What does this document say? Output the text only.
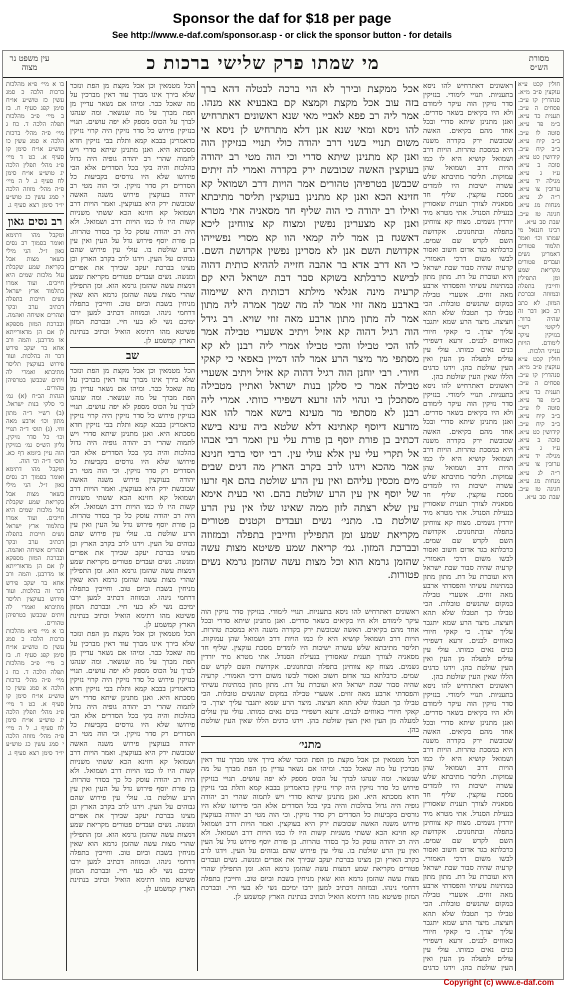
Sponsor the daf for $18 per page
See http://www.e-daf.com/sponsor.asp - or click the sponsor button - for details
עין משפט נר מצוה	מי שמתו פרק שלישי ברכות כ	מסורת הש״ס
בו א מיי׳ פ״א מהלכות ברכות הלכה כ סמג עשין כז טוש״ע או״ח סימן קפג סעיף ח. בז ב מיי׳ פ״ב מהלכות תפלה הלכה ד. כח ג מיי׳ פ״ה מהל׳ ברכות הלכה א סמג עשין כו טוש״ע או״ח סימן קו סעיף א. כט ד מיי׳ פ״ג מהל׳ תפלין הלכה יג טוש״ע או״ח סימן לח סעיף ג. ל ה מיי׳ פ״ה מהל׳ מזוזה הלכה י סמג עשין כג טוש״ע יו״ד סימן רצא סעיף ג.
רב נסים גאון
ומקבל מהו דתימא ואומר בסמוך רב נסים גאון ז״ל. הני מילי בשאר מצות אבל בקריאת שמע שקבלת עול מלכות שמים היא חייבים. ועוד אמרו בתלמוד ארץ ישראל נשים חייבות בתפלה דכתיב ערב ובקר וצהרים אשיחה ואהמה. ובברכת המזון מספקא לן אם הן מדאורייתא או מדרבנן. והמה ורב אחא בר יעקב פירש דבר זה בהלכות. ועוד פירוש בעוקצין תליסר מתיבתא ואמרי לה זיתים שכבשן בטרפיהן טהורים.
הגהות הב״ח (א) גמ׳ כי סלקי בנות ישראל. (ב) רש״י ד״ה מתון מתון וכו׳ ארבע מאה זוזי. (ג) תוס׳ ד״ה תנויי וכו׳ כל סדר נזיקין. גליון הש״ס גמ׳ בנזיקין הוה עיין ביומא דף כא. תוס׳ ד״ה וכי הוה.
ומקבל מהו דתימא ואומר בסמוך רב נסים גאון ז״ל. הני מילי בשאר מצות אבל בקריאת שמע שקבלת עול מלכות שמים היא חייבים. ועוד אמרו בתלמוד ארץ ישראל נשים חייבות בתפלה דכתיב ערב ובקר וצהרים אשיחה ואהמה. ובברכת המזון מספקא לן אם הן מדאורייתא או מדרבנן. והמה ורב אחא בר יעקב פירש דבר זה בהלכות. ועוד פירוש בעוקצין תליסר מתיבתא ואמרי לה זיתים שכבשן בטרפיהן טהורים.
בו א מיי׳ פ״א מהלכות ברכות הלכה כ סמג עשין כז טוש״ע או״ח סימן קפג סעיף ח. בז ב מיי׳ פ״ב מהלכות תפלה הלכה ד. כח ג מיי׳ פ״ה מהל׳ ברכות הלכה א סמג עשין כו טוש״ע או״ח סימן קו סעיף א. כט ד מיי׳ פ״ג מהל׳ תפלין הלכה יג טוש״ע או״ח סימן לח סעיף ג. ל ה מיי׳ פ״ה מהל׳ מזוזה הלכה י סמג עשין כג טוש״ע יו״ד סימן רצא סעיף ג.
הכל מטמאין וכן אכל מקצת מן הפת ונזכר שלא בירך אינו מברך עוד דאין מברכין על מה שאכל כבר. ומיהו אם נשאר עדיין מן הפת מברך על מה שנשאר. ומה שנהגו לברך על הכוס מספק לא יפה עושים. תנויי בנזיקין פירוש כל סדר נזיקין היה קרוי נזיקין כדאמרינן בבבא קמא ותלת בבי נזיקין חדא מסכתא היא. ואנן מתנינן שיתא סדרי ויש לתמוה שהרי רב יהודה גופיה היה גדול בהלכות והיה בקי בכל הסדרים אלא הכי פירושו שלא היו גורסים בקביעות כל הסדרים רק סדר נזיקין. וכי הוה מטי רב יהודה בעוקצין פירוש משנה האשה שכובשת ירק היא בעוקצין. ואמר הויות דרב ושמואל קא חזינא הכא ששתי משניות קשות היו לו כמו הויות דרב ושמואל. ולא היה רב יהודה עוסק כל כך בסדר טהרות. בן פורת יוסף פירוש גדל על העין ואין עין הרע שולטת בו. עולי עין פירוש שהם גבוהים על העין. וידגו לרב בקרב הארץ וכן מצינו בברכת יעקב שבירך את אפרים ומנשה. נשים ועבדים פטורים מקריאת שמע דמצות עשה שהזמן גרמא הוא. ומן התפילין שהרי מצות עשה שהזמן גרמא הוא שאין מניחין בשבת וביום טוב. וחייבין בתפלה דרחמי נינהו. ובמזוזה דכתיב למען ירבו ימיכם נשי לא בעי חיי. ובברכת המזון פשיטא מהו דתימא הואיל וכתיב בנתינת הארץ קמשמע לן.
שב
הכל מטמאין וכן אכל מקצת מן הפת ונזכר שלא בירך אינו מברך עוד דאין מברכין על מה שאכל כבר. ומיהו אם נשאר עדיין מן הפת מברך על מה שנשאר. ומה שנהגו לברך על הכוס מספק לא יפה עושים. תנויי בנזיקין פירוש כל סדר נזיקין היה קרוי נזיקין כדאמרינן בבבא קמא ותלת בבי נזיקין חדא מסכתא היא. ואנן מתנינן שיתא סדרי ויש לתמוה שהרי רב יהודה גופיה היה גדול בהלכות והיה בקי בכל הסדרים אלא הכי פירושו שלא היו גורסים בקביעות כל הסדרים רק סדר נזיקין. וכי הוה מטי רב יהודה בעוקצין פירוש משנה האשה שכובשת ירק היא בעוקצין. ואמר הויות דרב ושמואל קא חזינא הכא ששתי משניות קשות היו לו כמו הויות דרב ושמואל. ולא היה רב יהודה עוסק כל כך בסדר טהרות. בן פורת יוסף פירוש גדל על העין ואין עין הרע שולטת בו. עולי עין פירוש שהם גבוהים על העין. וידגו לרב בקרב הארץ וכן מצינו בברכת יעקב שבירך את אפרים ומנשה. נשים ועבדים פטורים מקריאת שמע דמצות עשה שהזמן גרמא הוא. ומן התפילין שהרי מצות עשה שהזמן גרמא הוא שאין מניחין בשבת וביום טוב. וחייבין בתפלה דרחמי נינהו. ובמזוזה דכתיב למען ירבו ימיכם נשי לא בעי חיי. ובברכת המזון פשיטא מהו דתימא הואיל וכתיב בנתינת הארץ קמשמע לן.
הכל מטמאין וכן אכל מקצת מן הפת ונזכר שלא בירך אינו מברך עוד דאין מברכין על מה שאכל כבר. ומיהו אם נשאר עדיין מן הפת מברך על מה שנשאר. ומה שנהגו לברך על הכוס מספק לא יפה עושים. תנויי בנזיקין פירוש כל סדר נזיקין היה קרוי נזיקין כדאמרינן בבבא קמא ותלת בבי נזיקין חדא מסכתא היא. ואנן מתנינן שיתא סדרי ויש לתמוה שהרי רב יהודה גופיה היה גדול בהלכות והיה בקי בכל הסדרים אלא הכי פירושו שלא היו גורסים בקביעות כל הסדרים רק סדר נזיקין. וכי הוה מטי רב יהודה בעוקצין פירוש משנה האשה שכובשת ירק היא בעוקצין. ואמר הויות דרב ושמואל קא חזינא הכא ששתי משניות קשות היו לו כמו הויות דרב ושמואל. ולא היה רב יהודה עוסק כל כך בסדר טהרות. בן פורת יוסף פירוש גדל על העין ואין עין הרע שולטת בו. עולי עין פירוש שהם גבוהים על העין. וידגו לרב בקרב הארץ וכן מצינו בברכת יעקב שבירך את אפרים ומנשה. נשים ועבדים פטורים מקריאת שמע דמצות עשה שהזמן גרמא הוא. ומן התפילין שהרי מצות עשה שהזמן גרמא הוא שאין מניחין בשבת וביום טוב. וחייבין בתפלה דרחמי נינהו. ובמזוזה דכתיב למען ירבו ימיכם נשי לא בעי חיי. ובברכת המזון פשיטא מהו דתימא הואיל וכתיב בנתינת הארץ קמשמע לן.
אכל ממקצת ובירך לא הוי ברכה לבטלה דהא ברך בזה עוב אכל מקצת וקמצא קם באבעיא אא מנהו. אמר ליה רב פפא לאביי מאי שנא ראשונים דאתרחיש להו ניסא ומאי שנא אנן דלא מתרחיש לן ניסא אי משום תנויי בשני דרב יהודה כולי תנויי בנזיקין הוה ואנן קא מתנינן שיתא סדרי וכי הוה מטי רב יהודה בעוקצין האשה שכובשת ירק בקדרה ואמרי לה זיתים שכבשן בטרפיהן טהורים אמר הויות דרב ושמואל קא חזינא הכא ואנן קא מתנינן בעוקצין תליסר מתיבתא ואילו רב יהודה כי הוה שליף חד מסאניה אתי מטרא ואנן קא מצערינן נפשין ומצוח קא צווחינן ליכא דאשגח בן אמר ליה קמאי הוו קא מסרי נפשייהו אקדושת השם אנן לא מסרינן נפשין אקדושת השם. כי הא דרב אדא בר אהבה חזייה לההיא כותית דהוה לבישא כרבלתא בשוקא סבר דבת ישראל היא קם קרעיה מינה אגלאי מילתא דכותית היא שיימוה בארבע מאה זוזי אמר לה מה שמך אמרה ליה מתון אמר לה מתון מתון ארבע מאה זוזי שויא. רב גידל הוה רגיל דהוה קא אזיל ויתיב אשערי טבילה אמר להו הכי טבילו והכי טבילו אמרי ליה רבנן לא קא מסתפי מר מיצר הרע אמר להו דמיין באפאי כי קאקי חיורי. רבי יוחנן הוה רגיל דהוה קא אזיל ויתיב אשערי טבילה אמר כי סלקן בנות ישראל ואתיין מטבילה מסתכלן בי ונהוי להו זרעא דשפירי כוותי. אמרי ליה רבנן לא מסתפי מר מעינא בישא אמר להו אנא מזרעא דיוסף קאתינא דלא שלטא ביה עינא בישא דכתיב בן פורת יוסף בן פורת עלי עין ואמר רבי אבהו אל תקרי עלי עין אלא עולי עין. רבי יוסי ברבי חנינא אמר מהכא וידגו לרב בקרב הארץ מה דגים שבים מים מכסין עליהם ואין עין הרע שולטת בהם אף זרעו של יוסף אין עין הרע שולטת בהם. ואי בעית אימא עין שלא רצתה לזון ממה שאינו שלו אין עין הרע שולטת בו. מתני׳ נשים ועבדים וקטנים פטורים מקריאת שמע ומן התפילין וחייבין בתפלה ובמזוזה ובברכת המזון. גמ׳ קריאת שמע פשיטא מצות עשה שהזמן גרמא הוא וכל מצות עשה שהזמן גרמא נשים פטורות.
ראשונים דאתרחיש להו ניסא בתעניות. תנויי לימודי. בנזיקין סדר נזיקין הוה עיקר לימודם ולא היו בקיאים בשאר סדרים. ואנן מתנינן שיתא סדרי ובכל אחד מהם בקיאים. האשה שכובשת ירק בקדרה משנה היא במסכת טהרות. הויות דרב ושמואל קושיא היא לו כמו הויות דרב ושמואל שהן עמוקות. תליסר מתיבתא שלש עשרה ישיבות היו לומדים מסכת עוקצין. שליף חד מסאניה לצורך תענית שאסורין בנעילת הסנדל. אתי מטרא מיד יורדין גשמים. מצוח קא צווחינן בתפלה ובתחנונים. אקדושת השם לקדש שם שמים. כרבלתא בגד אדום חשוב ואסור לבשו משום דרכי האמורי. קרעיה שהיה סבור שבת ישראל היא ועוברת על דת. מתון מתון במתינות עשיתי והפסדתי ארבע מאה זוזים. אשערי טבילה במקום שהנשים טובלות. הכי טבילו כך תטבלו שלא תהא חציצה. מיצר הרע שמא יתגבר עליך יצרך. כי קאקי חיורי כאווזים לבנים. זרעא דשפירי בנים נאים כמותו. עולי עין עולים למעלה מן העין ואין העין שולטת בהן. וידגו כדגים הללו שאין העין שולטת בהן.
ראשונים דאתרחיש להו ניסא בתעניות. תנויי לימודי. בנזיקין סדר נזיקין הוה עיקר לימודם ולא היו בקיאים בשאר סדרים. ואנן מתנינן שיתא סדרי ובכל אחד מהם בקיאים. האשה שכובשת ירק בקדרה משנה היא במסכת טהרות. הויות דרב ושמואל קושיא היא לו כמו הויות דרב ושמואל שהן עמוקות. תליסר מתיבתא שלש עשרה ישיבות היו לומדים מסכת עוקצין. שליף חד מסאניה לצורך תענית שאסורין בנעילת הסנדל. אתי מטרא מיד יורדין גשמים. מצוח קא צווחינן בתפלה ובתחנונים. אקדושת השם לקדש שם שמים. כרבלתא בגד אדום חשוב ואסור לבשו משום דרכי האמורי. קרעיה שהיה סבור שבת ישראל היא ועוברת על דת. מתון מתון במתינות עשיתי והפסדתי ארבע מאה זוזים. אשערי טבילה במקום שהנשים טובלות. הכי טבילו כך תטבלו שלא תהא חציצה. מיצר הרע שמא יתגבר עליך יצרך. כי קאקי חיורי כאווזים לבנים. זרעא דשפירי בנים נאים כמותו. עולי עין עולים למעלה מן העין ואין העין שולטת בהן. וידגו כדגים הללו שאין העין שולטת בהן.
ראשונים דאתרחיש להו ניסא בתעניות. תנויי לימודי. בנזיקין סדר נזיקין הוה עיקר לימודם ולא היו בקיאים בשאר סדרים. ואנן מתנינן שיתא סדרי ובכל אחד מהם בקיאים. האשה שכובשת ירק בקדרה משנה היא במסכת טהרות. הויות דרב ושמואל קושיא היא לו כמו הויות דרב ושמואל שהן עמוקות. תליסר מתיבתא שלש עשרה ישיבות היו לומדים מסכת עוקצין. שליף חד מסאניה לצורך תענית שאסורין בנעילת הסנדל. אתי מטרא מיד יורדין גשמים. מצוח קא צווחינן בתפלה ובתחנונים. אקדושת השם לקדש שם שמים. כרבלתא בגד אדום חשוב ואסור לבשו משום דרכי האמורי. קרעיה שהיה סבור שבת ישראל היא ועוברת על דת. מתון מתון במתינות עשיתי והפסדתי ארבע מאה זוזים. אשערי טבילה במקום שהנשים טובלות. הכי טבילו כך תטבלו שלא תהא חציצה. מיצר הרע שמא יתגבר עליך יצרך. כי קאקי חיורי כאווזים לבנים. זרעא דשפירי בנים נאים כמותו. עולי עין עולים למעלה מן העין ואין העין שולטת בהן. וידגו כדגים
חולין קכט ע״א עוקצין פ״ב מ״א. סנהדרין קו ע״ב. פסחים ה ע״ב. תענית כד ע״א. ב״מ פד ע״א. סוטה לו ע״ב. ב״ב קיח ע״א. ב״ב קיח ע״ב. קידושין כט ע״א. סוכה ב ע״א. ע״ז ג ע״א. מגילה יד ע״א. ערובין צו ע״א. ר״ה לג ע״א. מנחות מג ע״א. חגיגה טז ע״ב. שבת סב ע״א.
רבינו חננאל מי שמתו וכו׳ ואמר תלמוד פטורים דאמרינן נשים ועבדים פטורים מקריאת שמע ומן התפילין וחייבין בתפלה ובמזוזה ובברכת המזון. לא כתב רב כאן דבר זה שהיה ברור. ליקוטי רש״י בנזיקין עיקר לימודם. הויות ענייני הלכות.
חולין קכט ע״א עוקצין פ״ב מ״א. סנהדרין קו ע״ב. פסחים ה ע״ב. תענית כד ע״א. ב״מ פד ע״א. סוטה לו ע״ב. ב״ב קיח ע״א. ב״ב קיח ע״ב. קידושין כט ע״א. סוכה ב ע״א. ע״ז ג ע״א. מגילה יד ע״א. ערובין צו ע״א. ר״ה לג ע״א. מנחות מג ע״א. חגיגה טז ע״ב. שבת סב ע״א.
ראשונים דאתרחיש להו ניסא בתעניות. תנויי לימודי. בנזיקין סדר נזיקין הוה עיקר לימודם ולא היו בקיאים בשאר סדרים. ואנן מתנינן שיתא סדרי ובכל אחד מהם בקיאים. האשה שכובשת ירק בקדרה משנה היא במסכת טהרות. הויות דרב ושמואל קושיא היא לו כמו הויות דרב ושמואל שהן עמוקות. תליסר מתיבתא שלש עשרה ישיבות היו לומדים מסכת עוקצין. שליף חד מסאניה לצורך תענית שאסורין בנעילת הסנדל. אתי מטרא מיד יורדין גשמים. מצוח קא צווחינן בתפלה ובתחנונים. אקדושת השם לקדש שם שמים. כרבלתא בגד אדום חשוב ואסור לבשו משום דרכי האמורי. קרעיה שהיה סבור שבת ישראל היא ועוברת על דת. מתון מתון במתינות עשיתי והפסדתי ארבע מאה זוזים. אשערי טבילה במקום שהנשים טובלות. הכי טבילו כך תטבלו שלא תהא חציצה. מיצר הרע שמא יתגבר עליך יצרך. כי קאקי חיורי כאווזים לבנים. זרעא דשפירי בנים נאים כמותו. עולי עין עולים למעלה מן העין ואין העין שולטת בהן. וידגו כדגים הללו שאין העין שולטת בהן.
מתני׳
הכל מטמאין וכן אכל מקצת מן הפת ונזכר שלא בירך אינו מברך עוד דאין מברכין על מה שאכל כבר. ומיהו אם נשאר עדיין מן הפת מברך על מה שנשאר. ומה שנהגו לברך על הכוס מספק לא יפה עושים. תנויי בנזיקין פירוש כל סדר נזיקין היה קרוי נזיקין כדאמרינן בבבא קמא ותלת בבי נזיקין חדא מסכתא היא. ואנן מתנינן שיתא סדרי ויש לתמוה שהרי רב יהודה גופיה היה גדול בהלכות והיה בקי בכל הסדרים אלא הכי פירושו שלא היו גורסים בקביעות כל הסדרים רק סדר נזיקין. וכי הוה מטי רב יהודה בעוקצין פירוש משנה האשה שכובשת ירק היא בעוקצין. ואמר הויות דרב ושמואל קא חזינא הכא ששתי משניות קשות היו לו כמו הויות דרב ושמואל. ולא היה רב יהודה עוסק כל כך בסדר טהרות. בן פורת יוסף פירוש גדל על העין ואין עין הרע שולטת בו. עולי עין פירוש שהם גבוהים על העין. וידגו לרב בקרב הארץ וכן מצינו בברכת יעקב שבירך את אפרים ומנשה. נשים ועבדים פטורים מקריאת שמע דמצות עשה שהזמן גרמא הוא. ומן התפילין שהרי מצות עשה שהזמן גרמא הוא שאין מניחין בשבת וביום טוב. וחייבין בתפלה דרחמי נינהו. ובמזוזה דכתיב למען ירבו ימיכם נשי לא בעי חיי. ובברכת המזון פשיטא מהו דתימא הואיל וכתיב בנתינת הארץ קמשמע לן.
Copyright (c) www.e-daf.com
